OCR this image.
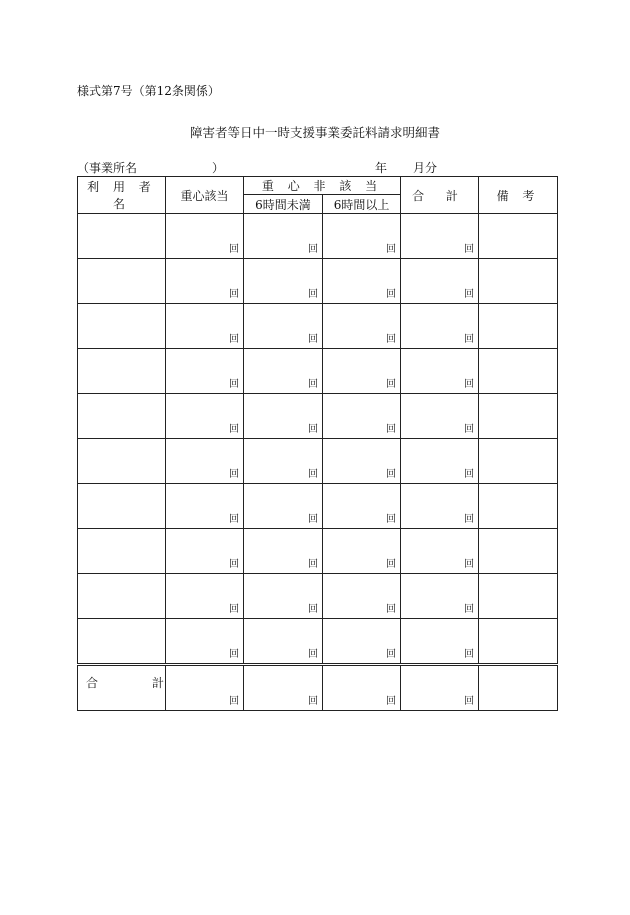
様式第7号（第12条関係）
障害者等日中一時支援事業委託料請求明細書
（事業所名	）	年 月分
利 用 者 名	重心該当	重 心 非 該 当		合 計	備 考
		6時間未満	6時間以上		
	回	回	回	回	
	回	回	回	回	
	回	回	回	回	
	回	回	回	回	
	回	回	回	回	
	回	回	回	回	
	回	回	回	回	
	回	回	回	回	
	回	回	回	回	
	回	回	回	回	
合 計	回	回	回	回	
